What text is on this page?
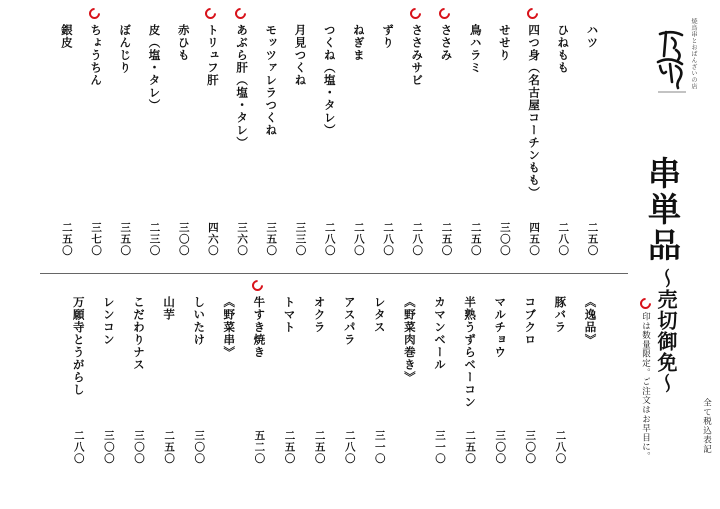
ハツ
二五〇
ひねもも
二八〇
四つ身（名古屋コーチンもも）
四五〇
せせり
三〇〇
鳥ハラミ
二五〇
ささみ
二五〇
ささみサビ
二八〇
ずり
二八〇
ねぎま
二八〇
つくね（塩・タレ）
二八〇
月見つくね
三三〇
モッツァレラつくね
三五〇
あぶら肝（塩・タレ）
三六〇
トリュフ肝
四六〇
赤ひも
三〇〇
皮（塩・タレ）
二三〇
ぼんじり
三五〇
ちょうちん
三七〇
銀皮
二五〇
《逸品》
豚バラ
二八〇
コブクロ
三〇〇
マルチョウ
三〇〇
半熟うずらベーコン
二五〇
カマンベール
三一〇
《野菜肉巻き》
レタス
三一〇
アスパラ
二八〇
オクラ
二五〇
トマト
二五〇
牛すき焼き
五二〇
《野菜串》
しいたけ
三〇〇
山芋
二五〇
こだわりナス
三〇〇
レンコン
三〇〇
万願寺とうがらし
二八〇
焼鳥串とおばんざいの店
串単品
〜売切御免〜
印は数量限定。ご注文はお早目に。	全て税込表記
